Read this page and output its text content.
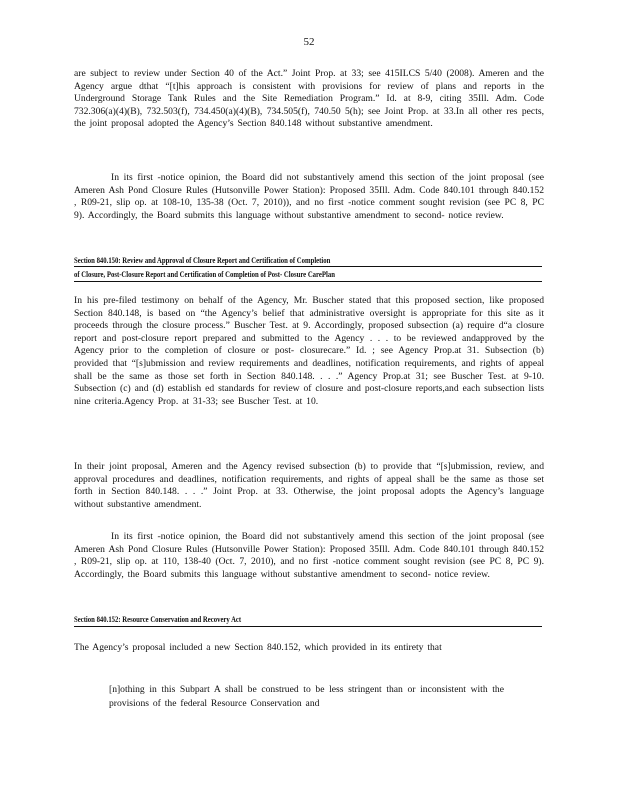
52

are subject to review under Section 40 of the Act.” Joint Prop. at 33; see 415ILCS 5/40 (2008). Ameren and the Agency argue dthat “[t]his approach is consistent with provisions for review of plans and reports in the Underground Storage Tank Rules and the Site Remediation Program.” Id. at 8-9, citing 35Ill. Adm. Code 732.306(a)(4)(B), 732.503(f), 734.450(a)(4)(B), 734.505(f), 740.50 5(h); see Joint Prop. at 33.In all other res pects, the joint proposal adopted the Agency’s Section 840.148 without substantive amendment.

In its first -notice opinion, the Board did not substantively amend this section of the joint proposal (see Ameren Ash Pond Closure Rules (Hutsonville Power Station): Proposed 35Ill. Adm. Code 840.101 through 840.152 , R09-21, slip op. at 108-10, 135-38 (Oct. 7, 2010)), and no first -notice comment sought revision (see PC 8, PC 9). Accordingly, the Board submits this language without substantive amendment to second- notice review.

Section 840.150: Review and Approval of Closure Report and Certification of Completion
of Closure, Post-Closure Report and Certification of Completion of Post- Closure CarePlan

In his pre-filed testimony on behalf of the Agency, Mr. Buscher stated that this proposed section, like proposed Section 840.148, is based on “the Agency’s belief that administrative oversight is appropriate for this site as it proceeds through the closure process.” Buscher Test. at 9. Accordingly, proposed subsection (a) require d“a closure report and post-closure report prepared and submitted to the Agency . . . to be reviewed andapproved by the Agency prior to the completion of closure or post- closurecare.” Id. ; see Agency Prop.at 31. Subsection (b) provided that “[s]ubmission and review requirements and deadlines, notification requirements, and rights of appeal shall be the same as those set forth in Section 840.148. . . .” Agency Prop.at 31; see Buscher Test. at 9-10. Subsection (c) and (d) establish ed standards for review of closure and post-closure reports,and each subsection lists nine criteria.Agency Prop. at 31-33; see Buscher Test. at 10.

In their joint proposal, Ameren and the Agency revised subsection (b) to provide that “[s]ubmission, review, and approval procedures and deadlines, notification requirements, and rights of appeal shall be the same as those set forth in Section 840.148. . . .” Joint Prop. at 33. Otherwise, the joint proposal adopts the Agency’s language without substantive amendment.

In its first -notice opinion, the Board did not substantively amend this section of the joint proposal (see Ameren Ash Pond Closure Rules (Hutsonville Power Station): Proposed 35Ill. Adm. Code 840.101 through 840.152 , R09-21, slip op. at 110, 138-40 (Oct. 7, 2010), and no first -notice comment sought revision (see PC 8, PC 9). Accordingly, the Board submits this language without substantive amendment to second- notice review.

Section 840.152: Resource Conservation and Recovery Act

The Agency’s proposal included a new Section 840.152, which provided in its entirety that

[n]othing in this Subpart A shall be construed to be less stringent than or inconsistent with the provisions of the federal Resource Conservation and
